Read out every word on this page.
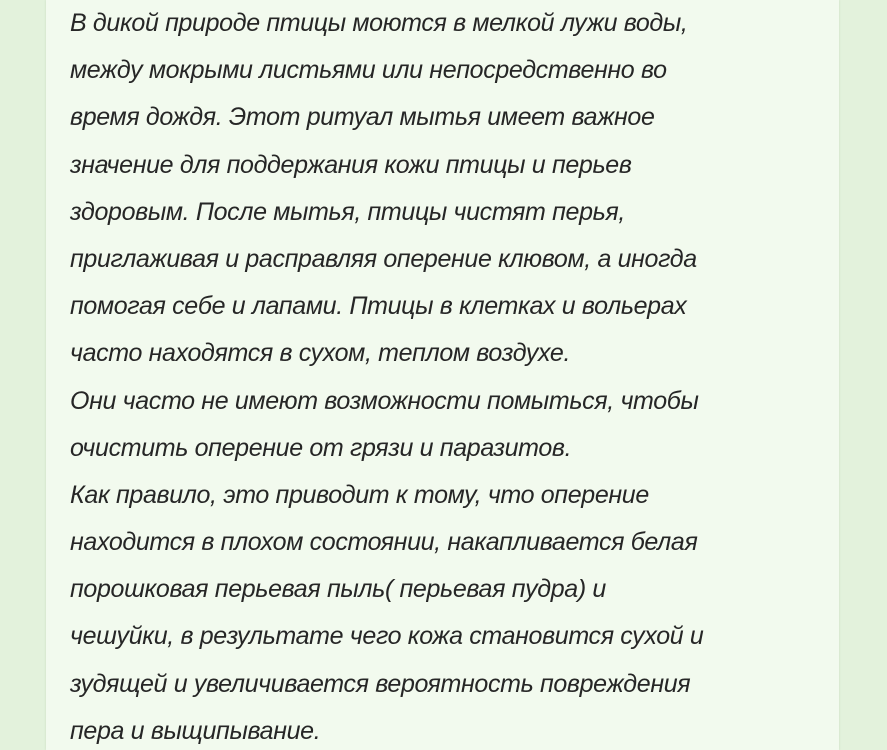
В дикой природе птицы моются в мелкой лужи воды,
между мокрыми листьями или непосредственно во
время дождя. Этот ритуал мытья имеет важное
значение для поддержания кожи птицы и перьев
здоровым. После мытья, птицы чистят перья,
приглаживая и расправляя оперение клювом, а иногда
помогая себе и лапами. Птицы в клетках и вольерах
часто находятся в сухом, теплом воздухе.
Они часто не имеют возможности помыться, чтобы
очистить оперение от грязи и паразитов.
Как правило, это приводит к тому, что оперение
находится в плохом состоянии, накапливается белая
порошковая перьевая пыль( перьевая пудра) и
чешуйки, в результате чего кожа становится сухой и
зудящей и увеличивается вероятность повреждения
пера и выщипывание.
